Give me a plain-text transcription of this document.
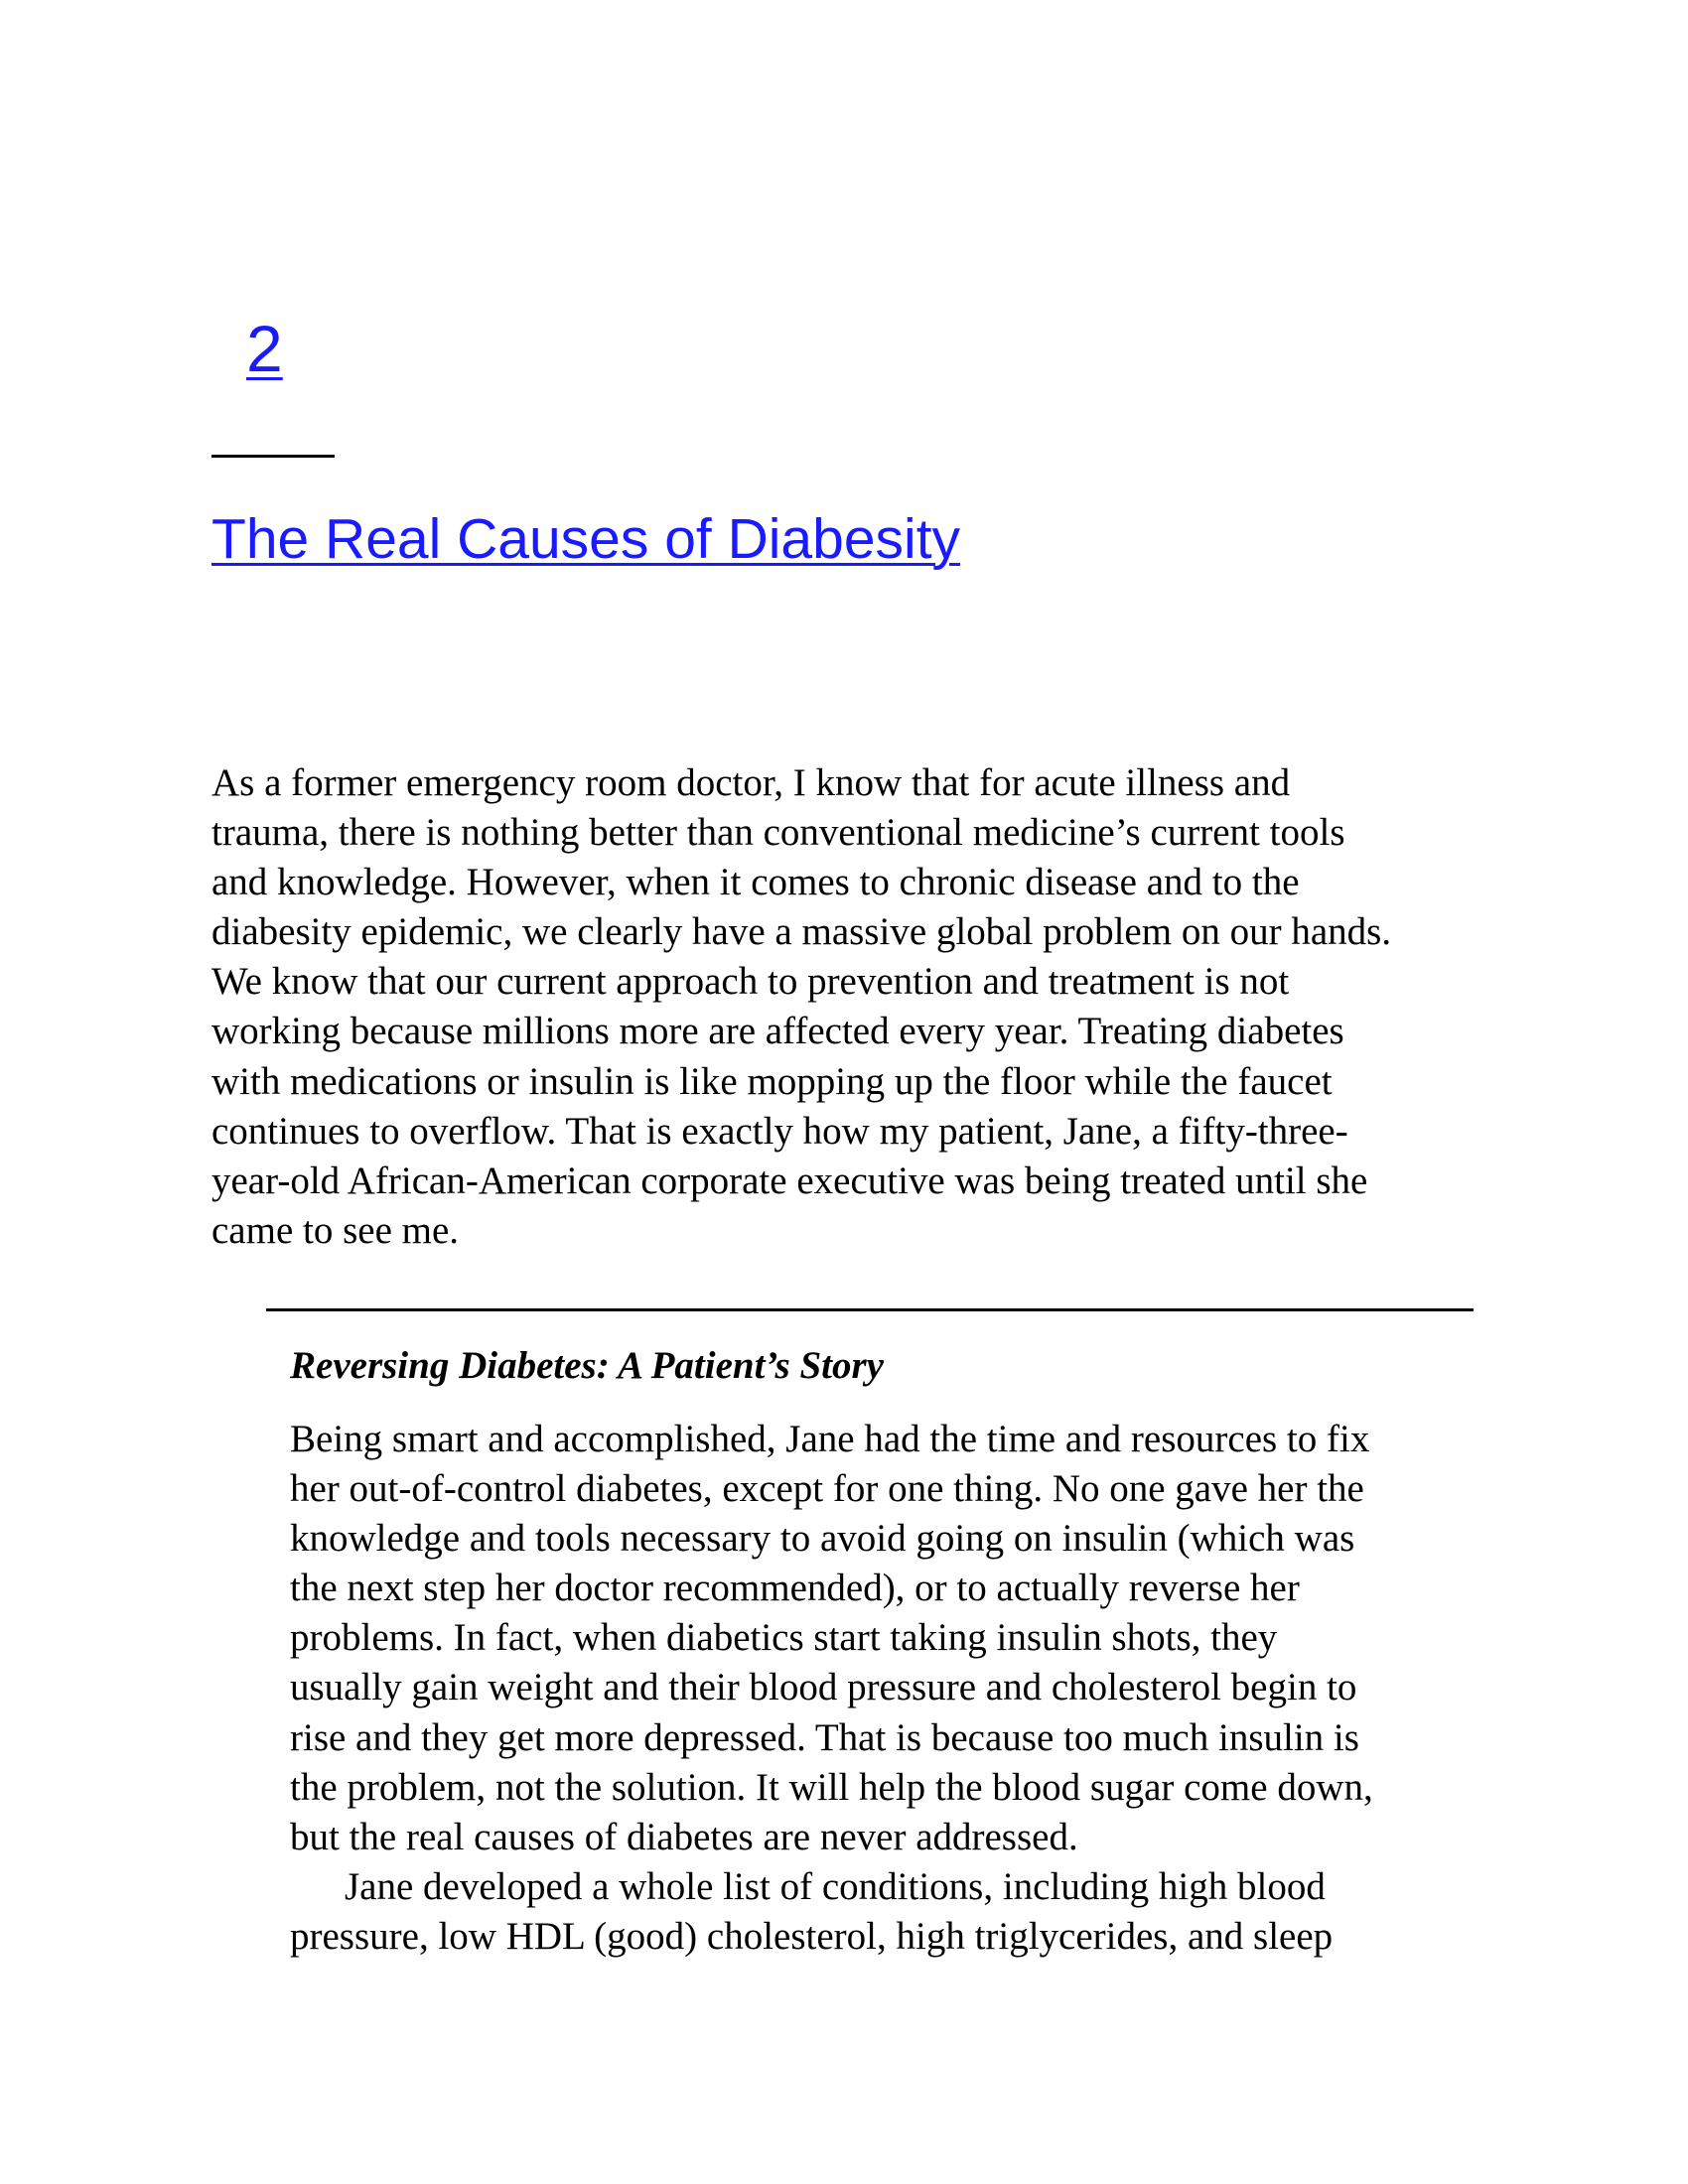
2
The Real Causes of Diabesity

As a former emergency room doctor, I know that for acute illness and
trauma, there is nothing better than conventional medicine’s current tools
and knowledge. However, when it comes to chronic disease and to the
diabesity epidemic, we clearly have a massive global problem on our hands.
We know that our current approach to prevention and treatment is not
working because millions more are affected every year. Treating diabetes
with medications or insulin is like mopping up the floor while the faucet
continues to overflow. That is exactly how my patient, Jane, a fifty-three-
year-old African-American corporate executive was being treated until she
came to see me.

Reversing Diabetes: A Patient’s Story

Being smart and accomplished, Jane had the time and resources to fix
her out-of-control diabetes, except for one thing. No one gave her the
knowledge and tools necessary to avoid going on insulin (which was
the next step her doctor recommended), or to actually reverse her
problems. In fact, when diabetics start taking insulin shots, they
usually gain weight and their blood pressure and cholesterol begin to
rise and they get more depressed. That is because too much insulin is
the problem, not the solution. It will help the blood sugar come down,
but the real causes of diabetes are never addressed.
Jane developed a whole list of conditions, including high blood
pressure, low HDL (good) cholesterol, high triglycerides, and sleep
